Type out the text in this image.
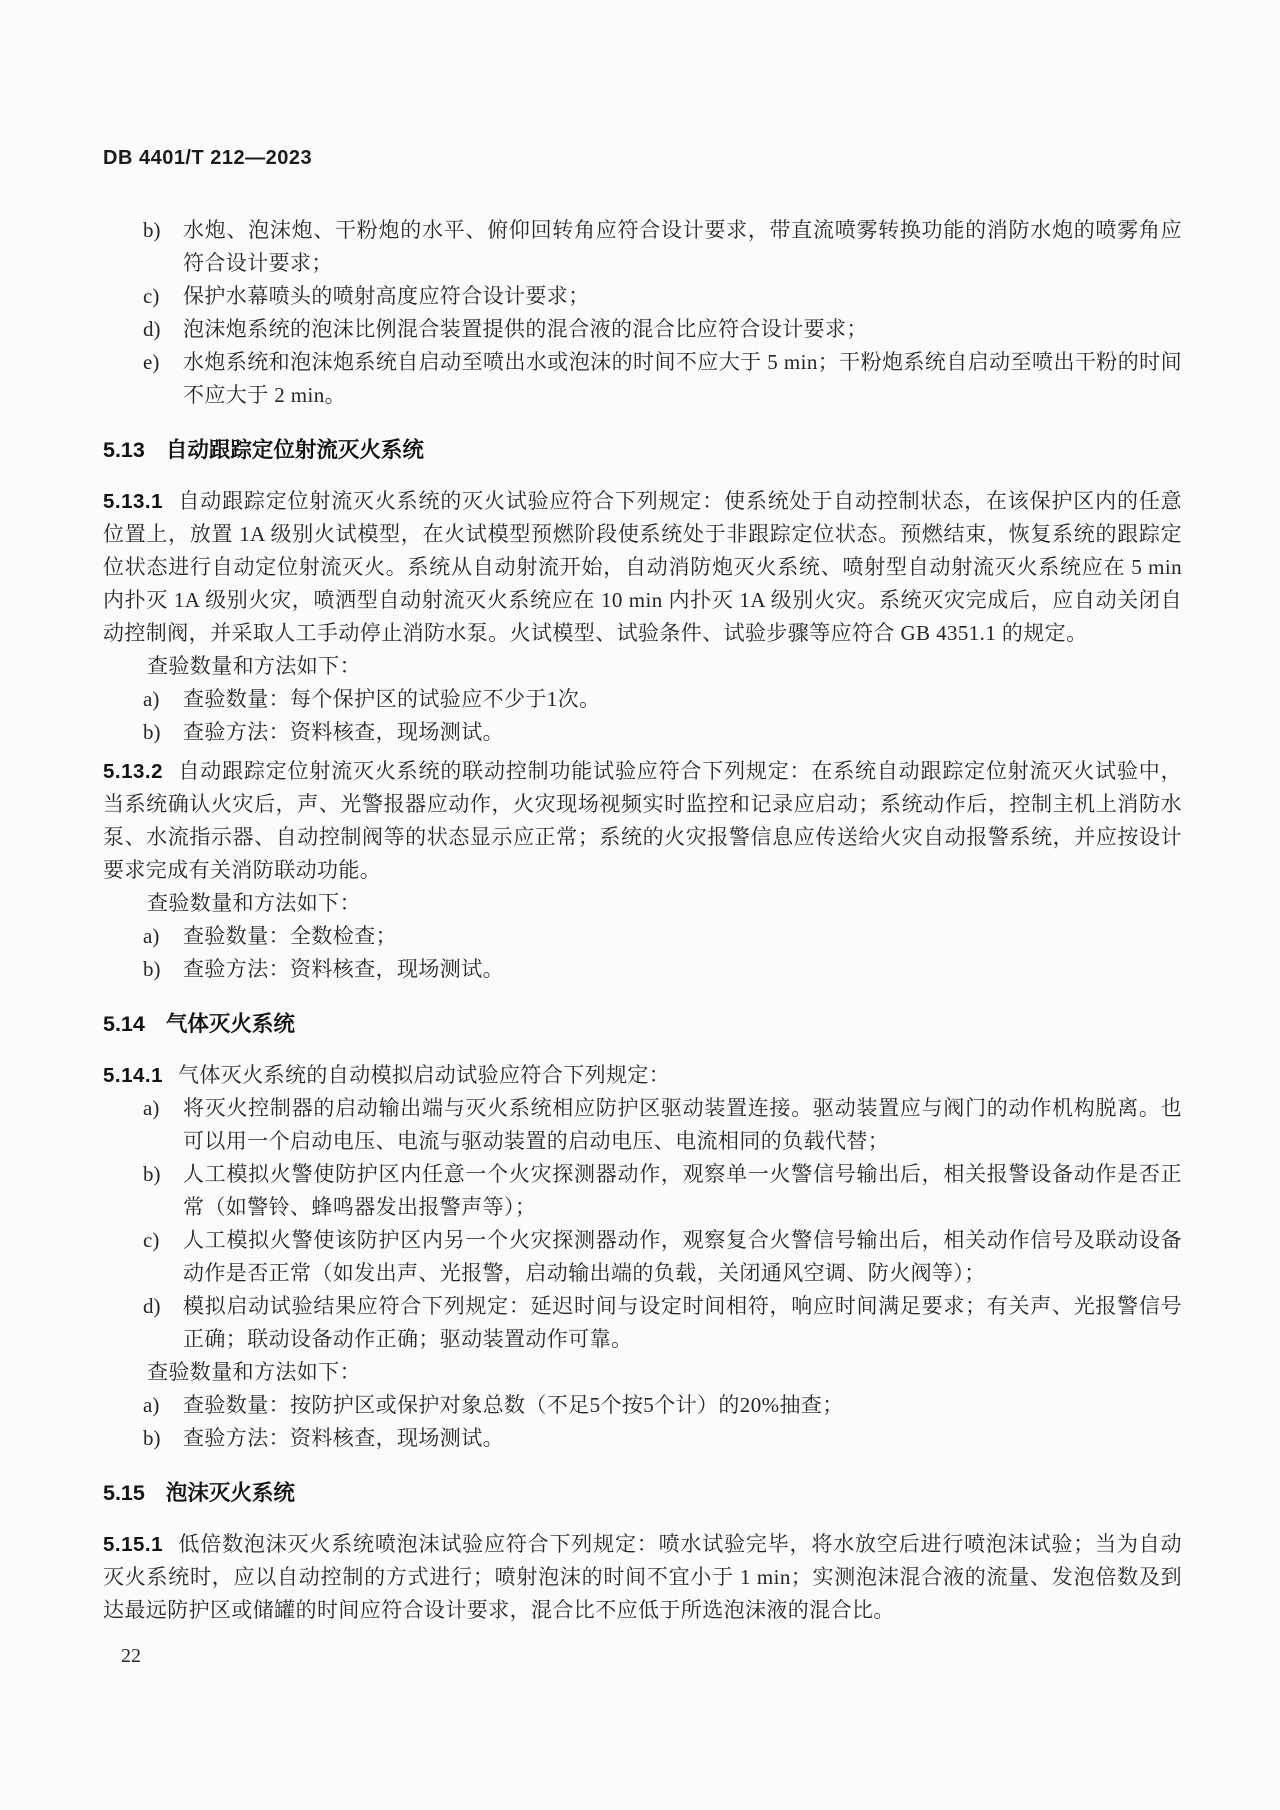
DB 4401/T 212—2023
b)	水炮、泡沫炮、干粉炮的水平、俯仰回转角应符合设计要求，带直流喷雾转换功能的消防水炮的喷雾角应符合设计要求；
c)	保护水幕喷头的喷射高度应符合设计要求；
d)	泡沫炮系统的泡沫比例混合装置提供的混合液的混合比应符合设计要求；
e)	水炮系统和泡沫炮系统自启动至喷出水或泡沫的时间不应大于 5 min；干粉炮系统自启动至喷出干粉的时间不应大于 2 min。
5.13 自动跟踪定位射流灭火系统

5.13.1 自动跟踪定位射流灭火系统的灭火试验应符合下列规定：使系统处于自动控制状态，在该保护区内的任意位置上，放置 1A 级别火试模型，在火试模型预燃阶段使系统处于非跟踪定位状态。预燃结束，恢复系统的跟踪定位状态进行自动定位射流灭火。系统从自动射流开始，自动消防炮灭火系统、喷射型自动射流灭火系统应在 5 min 内扑灭 1A 级别火灾，喷洒型自动射流灭火系统应在 10 min 内扑灭 1A 级别火灾。系统灭灾完成后，应自动关闭自动控制阀，并采取人工手动停止消防水泵。火试模型、试验条件、试验步骤等应符合 GB 4351.1 的规定。

查验数量和方法如下：
a)	查验数量：每个保护区的试验应不少于1次。
b)	查验方法：资料核查，现场测试。

5.13.2 自动跟踪定位射流灭火系统的联动控制功能试验应符合下列规定：在系统自动跟踪定位射流灭火试验中，当系统确认火灾后，声、光警报器应动作，火灾现场视频实时监控和记录应启动；系统动作后，控制主机上消防水泵、水流指示器、自动控制阀等的状态显示应正常；系统的火灾报警信息应传送给火灾自动报警系统，并应按设计要求完成有关消防联动功能。

查验数量和方法如下：
a)	查验数量：全数检查；
b)	查验方法：资料核查，现场测试。
5.14 气体灭火系统

5.14.1 气体灭火系统的自动模拟启动试验应符合下列规定：

a)	将灭火控制器的启动输出端与灭火系统相应防护区驱动装置连接。驱动装置应与阀门的动作机构脱离。也可以用一个启动电压、电流与驱动装置的启动电压、电流相同的负载代替；
b)	人工模拟火警使防护区内任意一个火灾探测器动作，观察单一火警信号输出后，相关报警设备动作是否正常（如警铃、蜂鸣器发出报警声等）；
c)	人工模拟火警使该防护区内另一个火灾探测器动作，观察复合火警信号输出后，相关动作信号及联动设备动作是否正常（如发出声、光报警，启动输出端的负载，关闭通风空调、防火阀等）；
d)	模拟启动试验结果应符合下列规定：延迟时间与设定时间相符，响应时间满足要求；有关声、光报警信号正确；联动设备动作正确；驱动装置动作可靠。
查验数量和方法如下：
a)	查验数量：按防护区或保护对象总数（不足5个按5个计）的20%抽查；
b)	查验方法：资料核查，现场测试。
5.15 泡沫灭火系统

5.15.1 低倍数泡沫灭火系统喷泡沫试验应符合下列规定：喷水试验完毕，将水放空后进行喷泡沫试验；当为自动灭火系统时，应以自动控制的方式进行；喷射泡沫的时间不宜小于 1 min；实测泡沫混合液的流量、发泡倍数及到达最远防护区或储罐的时间应符合设计要求，混合比不应低于所选泡沫液的混合比。

22
